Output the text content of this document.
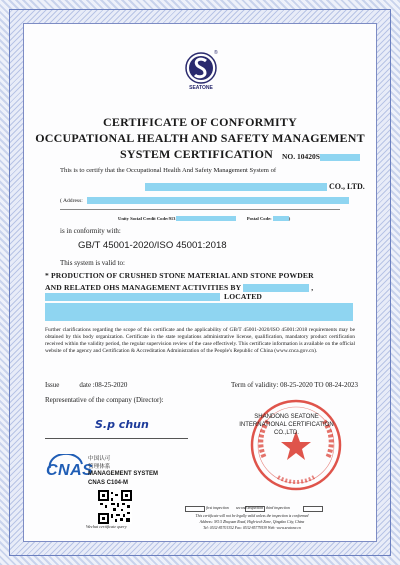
SEATONE
®
CERTIFICATE OF CONFORMITY
OCCUPATIONAL HEALTH AND SAFETY MANAGEMENT
SYSTEM CERTIFICATION	NO. 10420S
This is to certify that the Occupational Health And Safety Management System of
CO., LTD.
( Address:
Unity Social Credit Code:913	Postal Code:	)
is in conformity with:
GB/T 45001-2020/ISO 45001:2018
This system is valid to:
* PRODUCTION OF CRUSHED STONE MATERIAL AND STONE POWDER
AND RELATED OHS MANAGEMENT ACTIVITIES BY	,
LOCATED
Further clarifications regarding the scope of this certificate and the applicability of GB/T 45001-2020/ISO 45001:2018 requirements may be obtained by this body organization. Certificate in the state regulations administrative license, qualification, mandatory product certification received within the validity period, the regular supervision review of the case effectively. This certificate information is available on the official website of the agency and Certification & Accreditation Administration of the People's Republic of China (www.cnca.gov.cn).
Issue	date :08-25-2020	Term of validity: 08-25-2020 TO 08-24-2023
Representative of the company (Director):
S.p chun
SHANDONG SEATONE
INTERNATIONAL CERTIFICATION
CO.,LTD.
CNAS
中国认可
管理体系
MANAGEMENT SYSTEM
CNAS C104-M
Wechat certificate query
first inspection second inspection third inspection
This certificate will not be legally valid unless the inspection is conformed
Address: NO.5 Zhuyuan Road, High-tech Zone, Qingdao City, China
Tel: 0532-85701352 Fax: 0532-85779539 Web: www.seatone.cn
